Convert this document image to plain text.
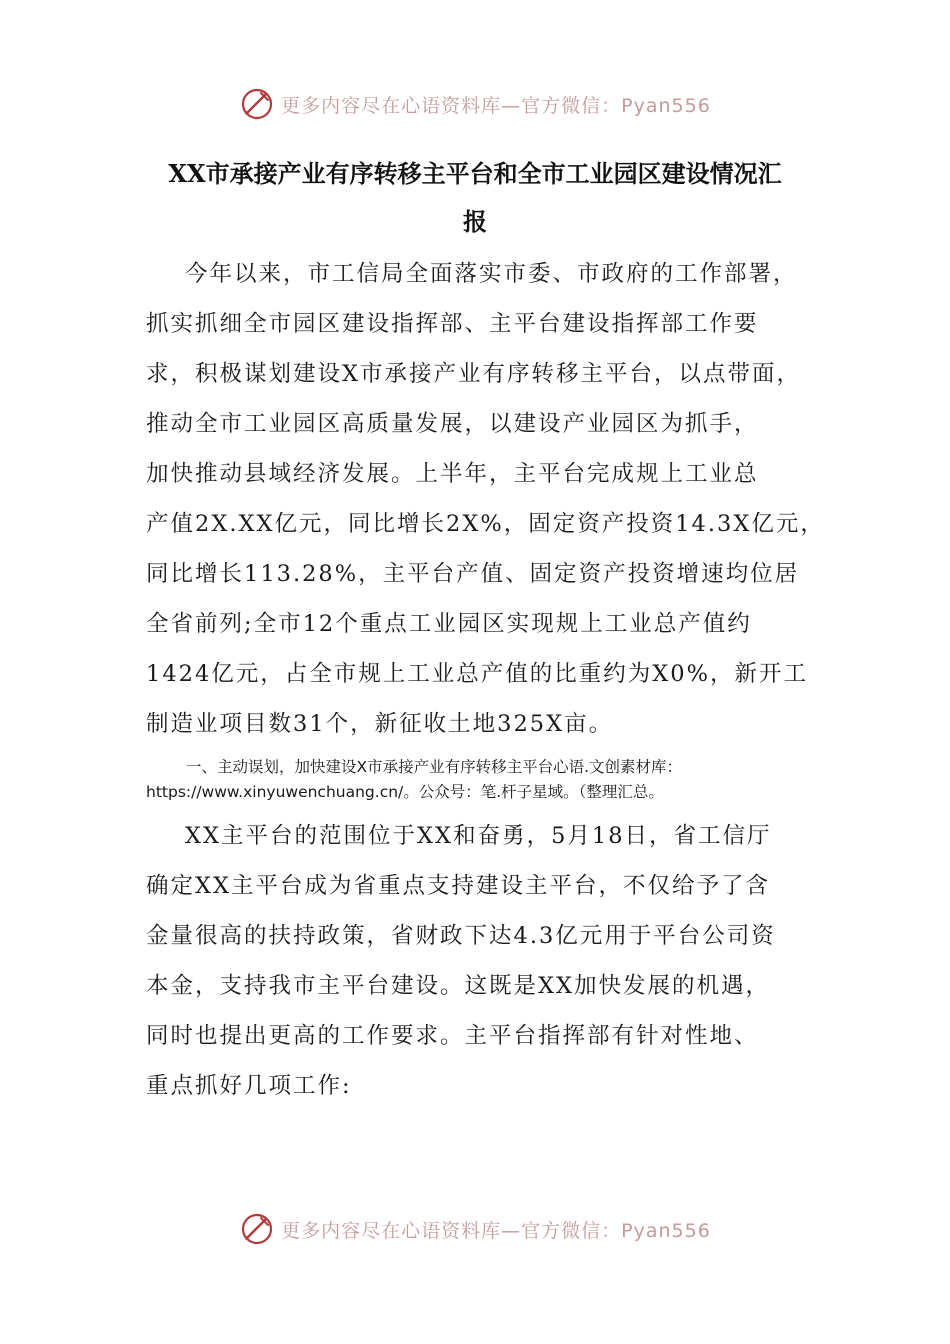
更多内容尽在心语资料库—官方微信：Pyan556
XX市承接产业有序转移主平台和全市工业园区建设情况汇
报
今年以来，市工信局全面落实市委、市政府的工作部署，
抓实抓细全市园区建设指挥部、主平台建设指挥部工作要
求，积极谋划建设X市承接产业有序转移主平台，以点带面，
推动全市工业园区高质量发展，以建设产业园区为抓手，
加快推动县域经济发展。上半年，主平台完成规上工业总
产值2X.XX亿元，同比增长2X%，固定资产投资14.3X亿元，
同比增长113.28%，主平台产值、固定资产投资增速均位居
全省前列;全市12个重点工业园区实现规上工业总产值约
1424亿元，占全市规上工业总产值的比重约为X0%，新开工
制造业项目数31个，新征收土地325X亩。
一、主动误划，加快建设X市承接产业有序转移主平台心语.文创素材库：
https://www.xinyuwenchuang.cn/。公众号：笔.杆子星域。（整理汇总。
XX主平台的范围位于XX和奋勇，5月18日，省工信厅
确定XX主平台成为省重点支持建设主平台，不仅给予了含
金量很高的扶持政策，省财政下达4.3亿元用于平台公司资
本金，支持我市主平台建设。这既是XX加快发展的机遇，
同时也提出更高的工作要求。主平台指挥部有针对性地、
重点抓好几项工作:
更多内容尽在心语资料库—官方微信：Pyan556
